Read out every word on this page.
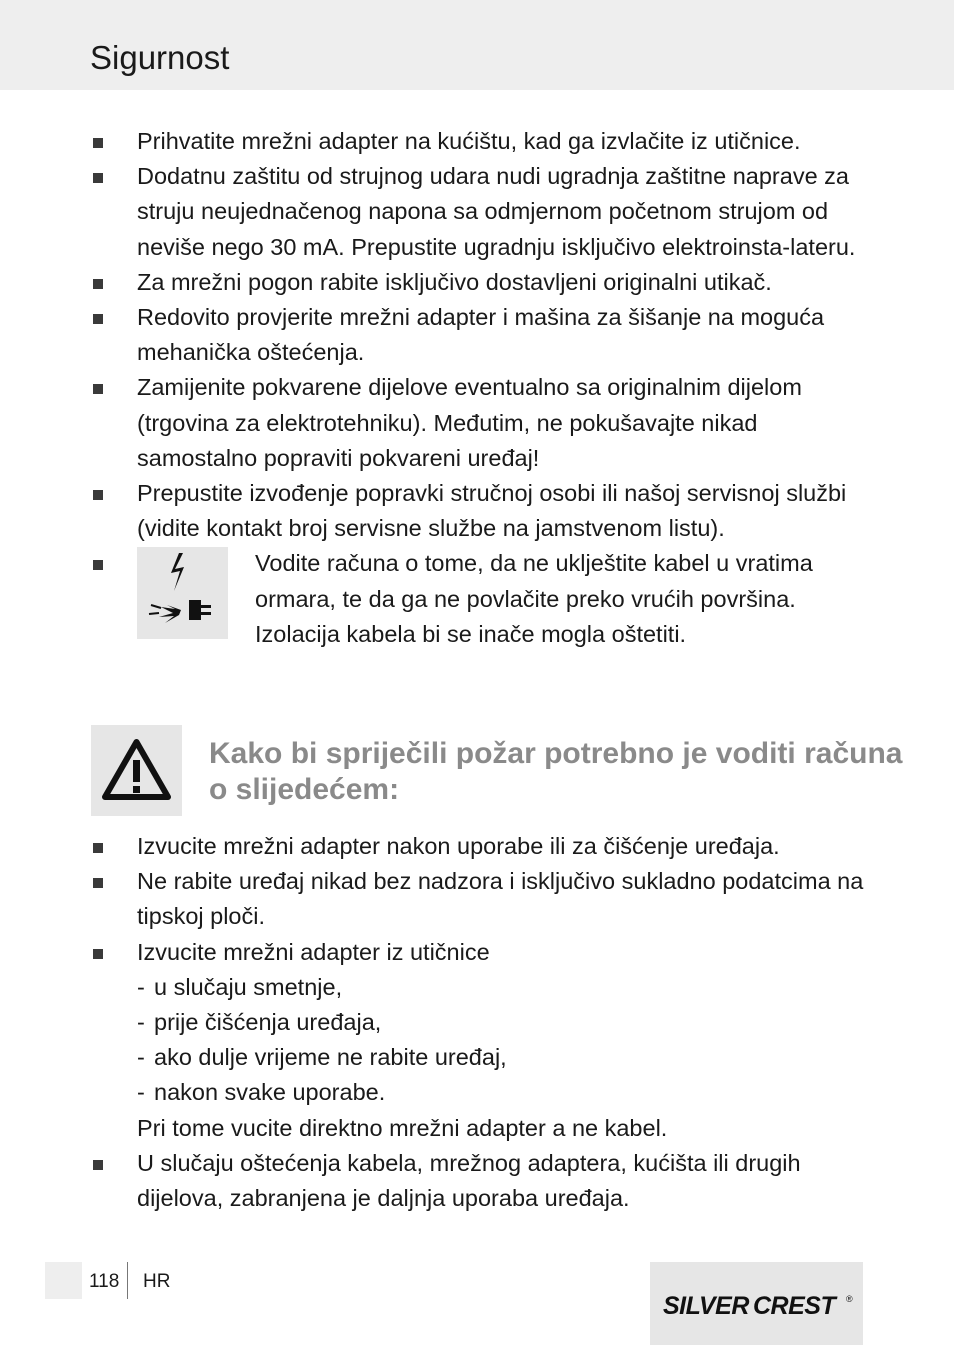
Sigurnost
Prihvatite mrežni adapter na kućištu, kad ga izvlačite iz utičnice.
Dodatnu zaštitu od strujnog udara nudi ugradnja zaštitne naprave za struju neujednačenog napona sa odmjernom početnom strujom od neviše nego 30 mA. Prepustite ugradnju isključivo elektroinsta-lateru.
Za mrežni pogon rabite isključivo dostavljeni originalni utikač.
Redovito provjerite mrežni adapter i mašina za šišanje na moguća mehanička oštećenja.
Zamijenite pokvarene dijelove eventualno sa originalnim dijelom (trgovina za elektrotehniku). Međutim, ne pokušavajte nikad samostalno popraviti pokvareni uređaj!
Prepustite izvođenje popravki stručnoj osobi ili našoj servisnoj službi (vidite kontakt broj servisne službe na jamstvenom listu).
Vodite računa o tome, da ne uklještite kabel u vratima ormara, te da ga ne povlačite preko vrućih površina. Izolacija kabela bi se inače mogla oštetiti.
Kako bi spriječili požar potrebno je voditi računa o slijedećem:
Izvucite mrežni adapter nakon uporabe ili za čišćenje uređaja.
Ne rabite uređaj nikad bez nadzora i isključivo sukladno podatcima na tipskoj ploči.
Izvucite mrežni adapter iz utičnice
- u slučaju smetnje,
- prije čišćenja uređaja,
- ako dulje vrijeme ne rabite uređaj,
- nakon svake uporabe.
Pri tome vucite direktno mrežni adapter a ne kabel.
U slučaju oštećenja kabela, mrežnog adaptera, kućišta ili drugih dijelova, zabranjena je daljnja uporaba uređaja.
118 HR
SILVER CREST	®
